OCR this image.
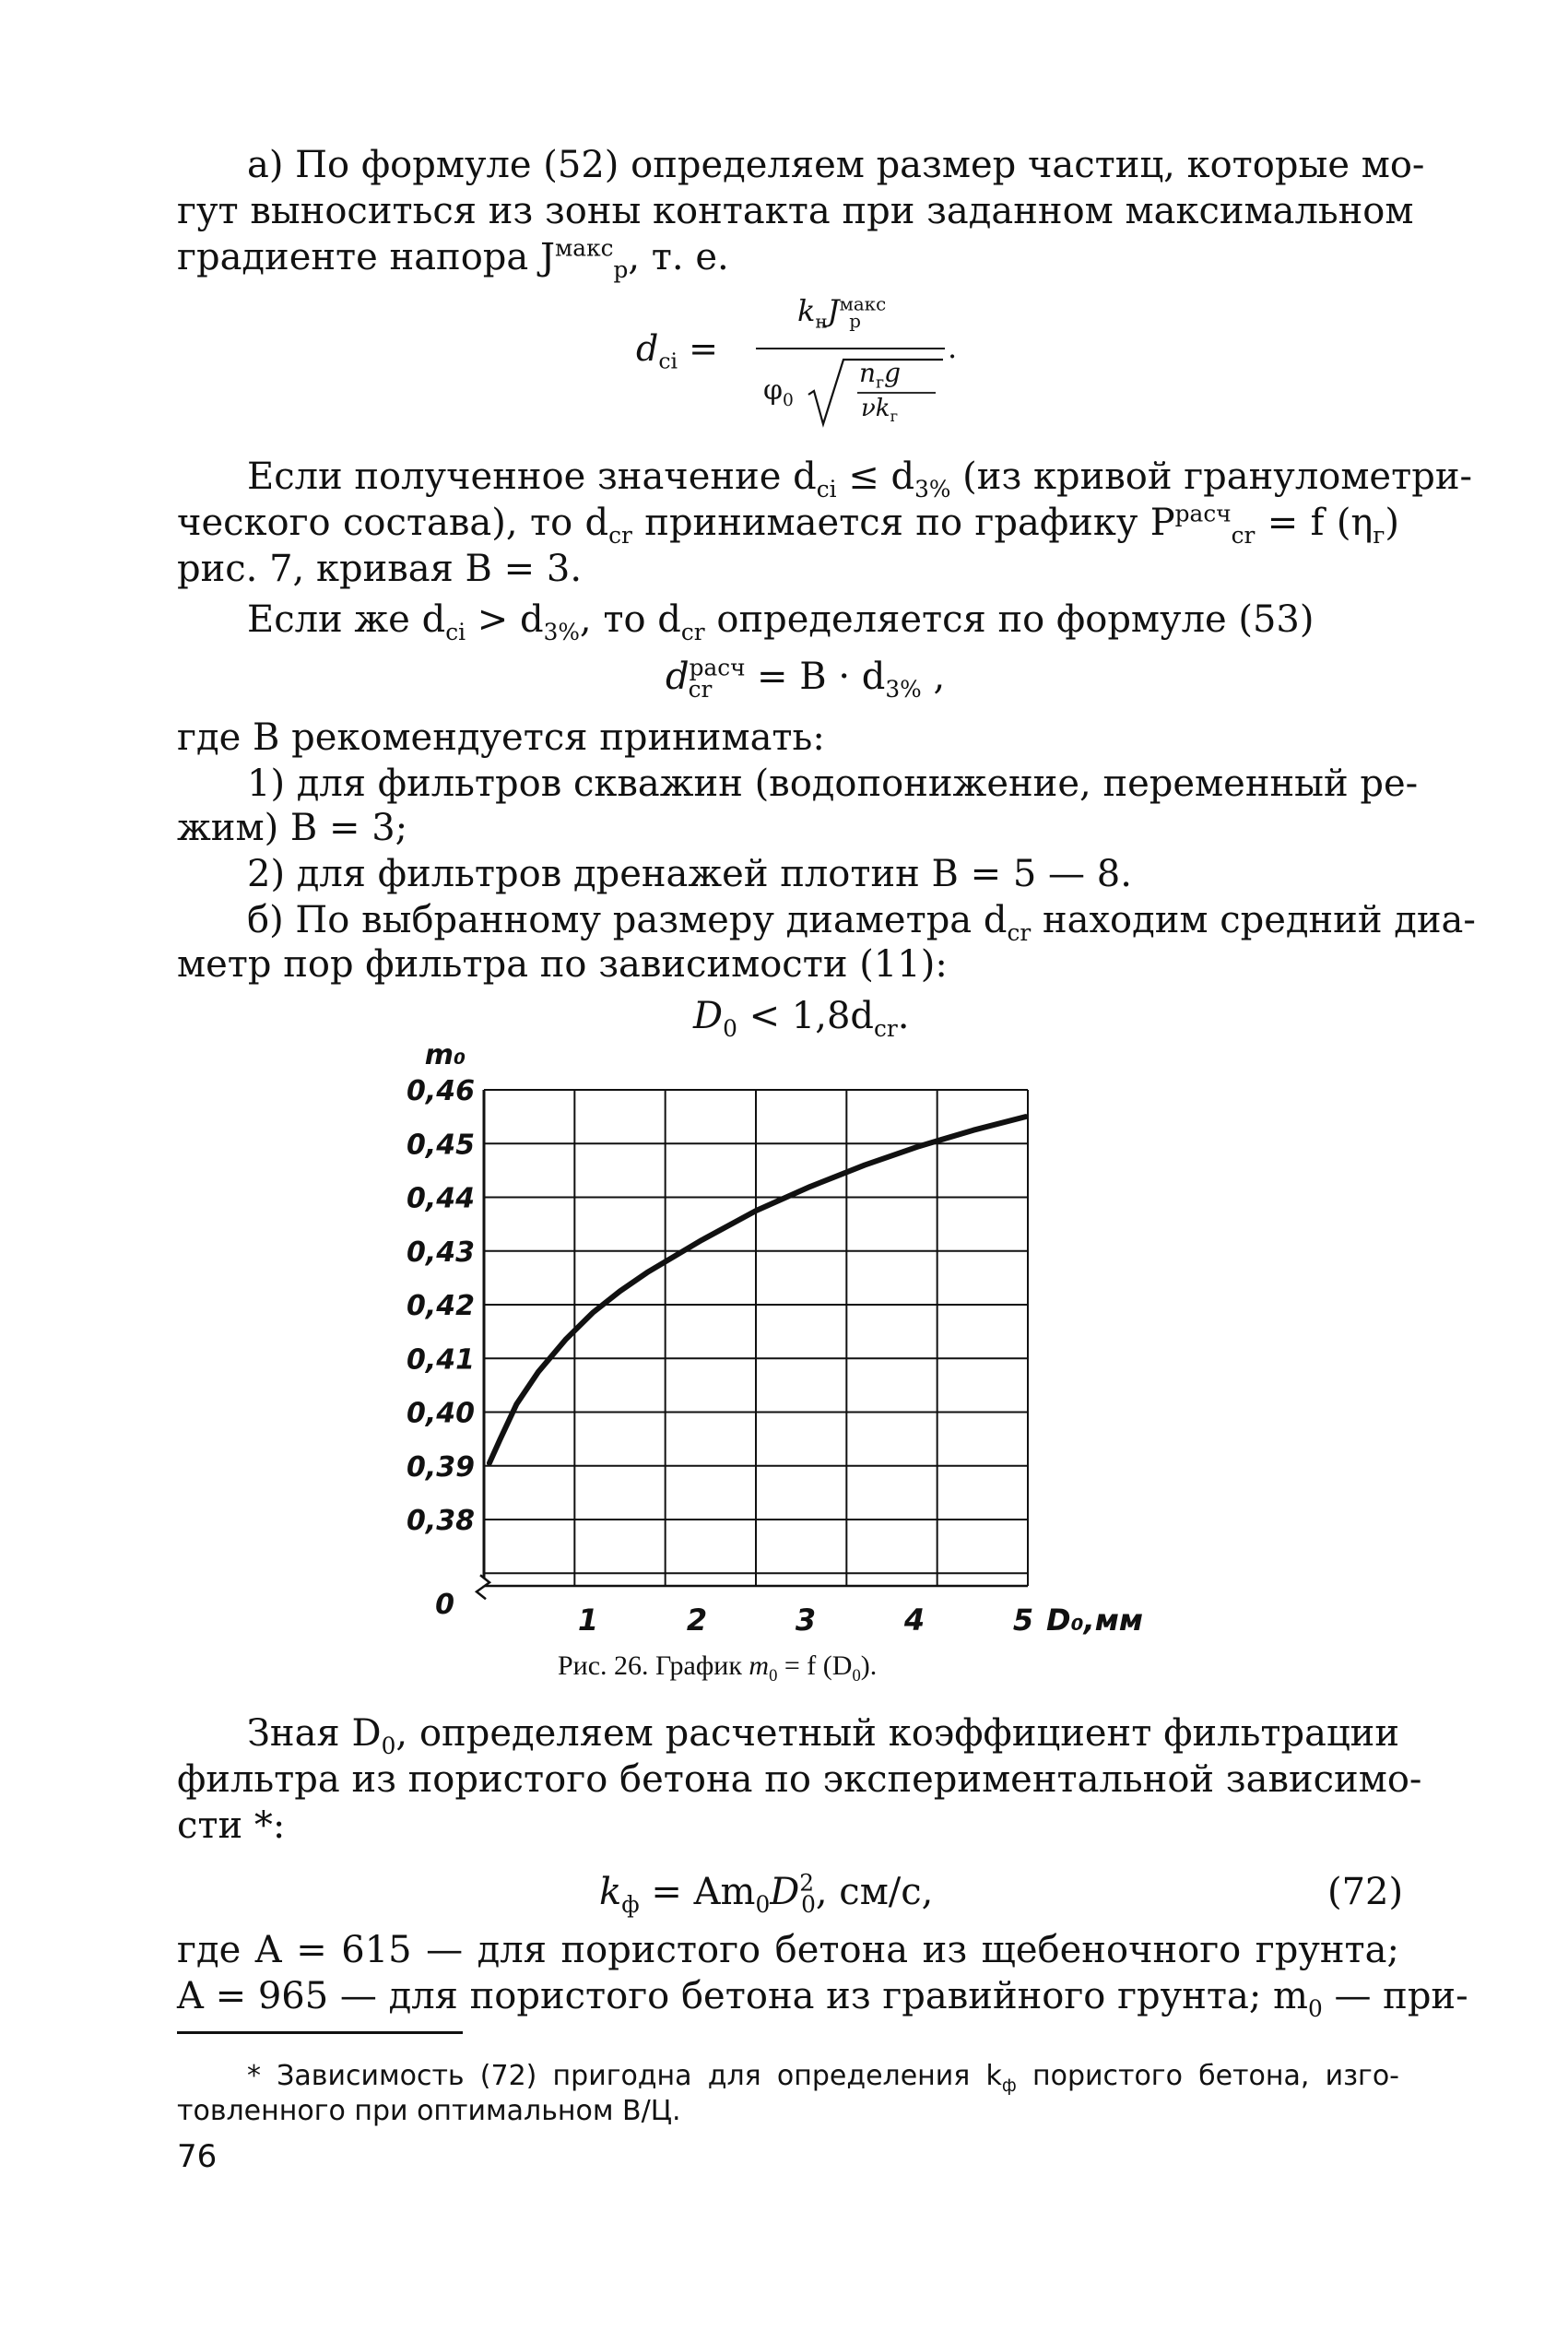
а) По формуле (52) определяем размер частиц, которые мо-
гут выноситься из зоны контакта при заданном максимальном
градиенте напора $J^{макс}_р$, т. е.
$d_{ci}$ =
$k_нJ^{макс}_р$
.
$\varphi_0$
$n_гg$
$\nu k_г$
Если полученное значение $d_{ci} \le d_{3\%}$ (из кривой гранулометри-
ческого состава), то $d_{cr}$ принимается по графику $P^{расч}_{cr} = f$ $(\eta_г)$
рис. 7, кривая B = 3.
Если же $d_{ci} > d_{3\%}$, то $d_{cr}$ определяется по формуле (53)
$d^{расч}_{cr} = B \cdot d_{3\%}$ ,
где B рекомендуется принимать:
1) для фильтров скважин (водопонижение, переменный ре-
жим) B = 3;
2) для фильтров дренажей плотин B = 5 — 8.
б) По выбранному размеру диаметра $d_{cr}$ находим средний диа-
метр пор фильтра по зависимости (11):
$D_0 < 1,8d_{cr}$.
0,46
0,45
0,44
0,43
0,42
0,41
0,40
0,39
0,38
0
m₀
1	2	3	4	5 D₀,мм
Рис. 26. График $m_0 = f$ $(D_0)$.
Зная $D_0$, определяем расчетный коэффициент фильтрации
фильтра из пористого бетона по экспериментальной зависимо-
сти *:
$k_ф = Am_0D^2_0$, см/с,	(72)
где A = 615 — для пористого бетона из щебеночного грунта;
A = 965 — для пористого бетона из гравийного грунта; $m_0$ — при-
* Зависимость (72) пригодна для определения $k_ф$ пористого бетона, изго-
товленного при оптимальном В/Ц.
76
